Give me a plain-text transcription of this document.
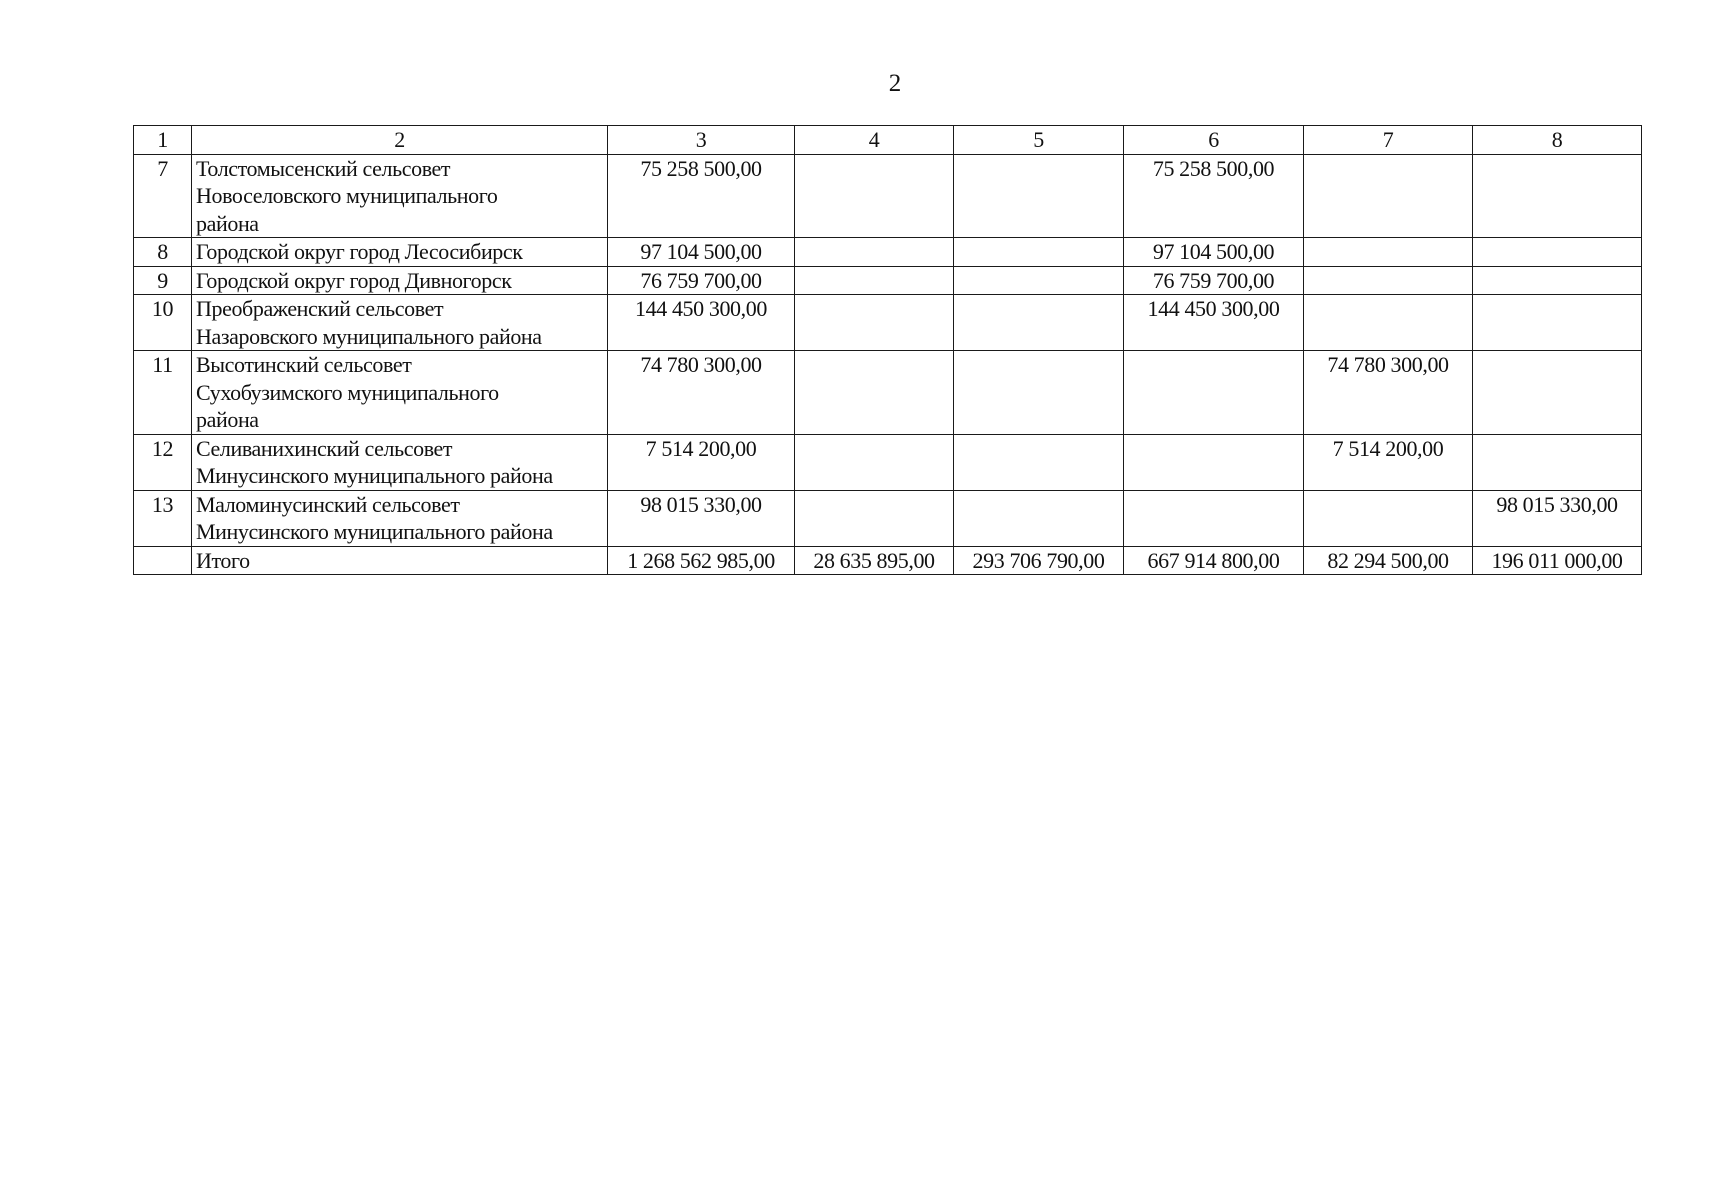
2
1	2	3	4	5	6	7	8
7	Толстомысенский сельсовет
Новоселовского муниципального
района	75 258 500,00			75 258 500,00		
8	Городской округ город Лесосибирск	97 104 500,00			97 104 500,00		
9	Городской округ город Дивногорск	76 759 700,00			76 759 700,00		
10	Преображенский сельсовет
Назаровского муниципального района	144 450 300,00			144 450 300,00		
11	Высотинский сельсовет
Сухобузимского муниципального
района	74 780 300,00				74 780 300,00	
12	Селиванихинский сельсовет
Минусинского муниципального района	7 514 200,00				7 514 200,00	
13	Маломинусинский сельсовет
Минусинского муниципального района	98 015 330,00					98 015 330,00
	Итого	1 268 562 985,00	28 635 895,00	293 706 790,00	667 914 800,00	82 294 500,00	196 011 000,00
